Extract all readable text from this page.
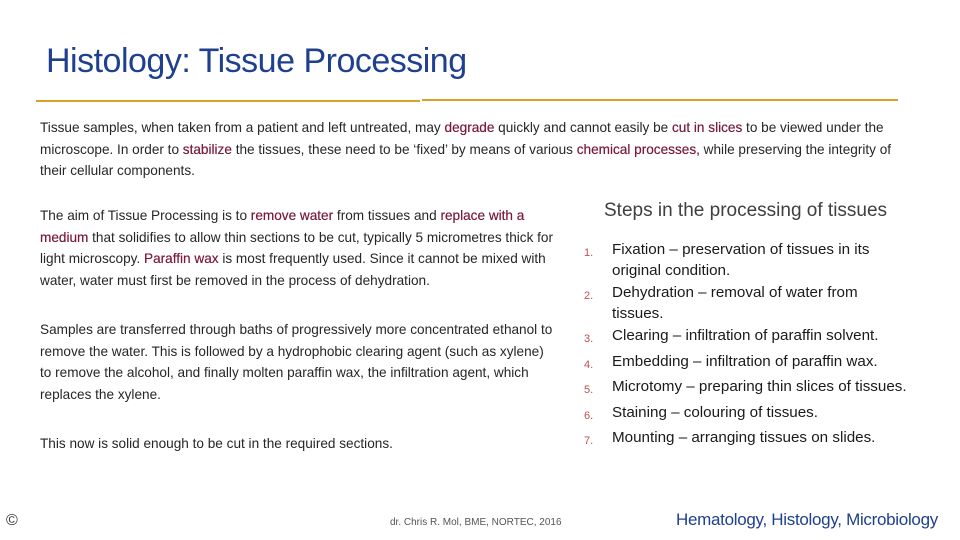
Histology: Tissue Processing

Tissue samples, when taken from a patient and left untreated, may degrade quickly and cannot easily be cut in slices to be viewed under the microscope. In order to stabilize the tissues, these need to be ‘fixed’ by means of various chemical processes, while preserving the integrity of their cellular components.

The aim of Tissue Processing is to remove water from tissues and replace with a medium that solidifies to allow thin sections to be cut, typically 5 micrometres thick for light microscopy. Paraffin wax is most frequently used. Since it cannot be mixed with water, water must first be removed in the process of dehydration.

Samples are transferred through baths of progressively more concentrated ethanol to remove the water. This is followed by a hydrophobic clearing agent (such as xylene) to remove the alcohol, and finally molten paraffin wax, the infiltration agent, which replaces the xylene.

This now is solid enough to be cut in the required sections.

Steps in the processing of tissues
1.	Fixation – preservation of tissues in its original condition.
2.	Dehydration – removal of water from tissues.
3.	Clearing – infiltration of paraffin solvent.
4.	Embedding – infiltration of paraffin wax.
5.	Microtomy – preparing thin slices of tissues.
6.	Staining – colouring of tissues.
7.	Mounting – arranging tissues on slides.
©	dr. Chris R. Mol, BME, NORTEC, 2016	Hematology, Histology, Microbiology
